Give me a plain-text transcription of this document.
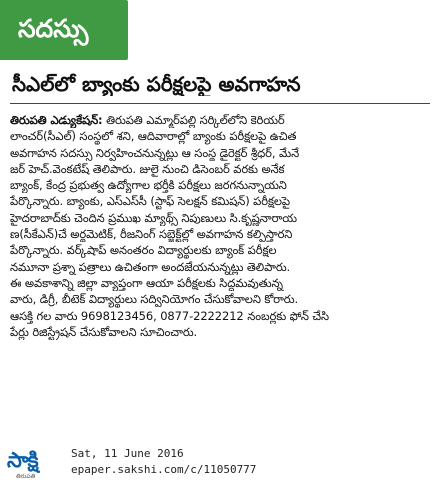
సదస్సు
సీఎల్‌లో బ్యాంకు పరీక్షలపై అవగాహన
తిరుపతి ఎడ్యుకేషన్: తిరుపతి ఎమ్మార్‌పల్లి సర్కిల్‌లోని కెరియర్
లాంచర్(సీఎల్) సంస్థలో శని, ఆదివారాల్లో బ్యాంకు పరీక్షలపై ఉచిత
అవగాహన సదస్సు నిర్వహించనున్నట్లు ఆ సంస్థ డైరెక్టర్ శ్రీధర్, మేనే
జర్ హెచ్.వెంకటేష్ తెలిపారు. జులై నుంచి డిసెంబర్ వరకు అనేక
బ్యాంక్, కేంద్ర ప్రభుత్వ ఉద్యోగాల భర్తీకి పరీక్షలు జరగనున్నాయని
పేర్కొన్నారు. బ్యాంకు, ఎస్‌ఎస్‌సీ (స్టాఫ్ సెలక్షన్ కమిషన్) పరీక్షలపై
హైదరాబాద్‌కు చెందిన ప్రముఖ మ్యాథ్స్ నిపుణులు సి.కృష్ణనారాయ
ణ(సీకేఎన్)చే అర్థమెటిక్, రీజనింగ్ సబ్జెక్ట్‌ల్లో అవగాహన కల్పిస్తారని
పేర్కొన్నారు. వర్క్‌షాప్ అనంతరం విద్యార్థులకు బ్యాంక్ పరీక్షల
నమూనా ప్రశ్నా పత్రాలు ఉచితంగా అందజేయనున్నట్లు తెలిపారు.
ఈ అవకాశాన్ని జిల్లా వ్యాప్తంగా ఆయా పరీక్షలకు సిద్ధమవుతున్న
వారు, డిగ్రీ, బీటెక్ విద్యార్థులు సద్వినియోగం చేసుకోవాలని కోరారు.
ఆసక్తి గల వారు 9698123456, 0877-2222212 నంబర్లకు ఫోన్ చేసి
పేర్లు రిజిస్ట్రేషన్ చేసుకోవాలని సూచించారు.
సాక్షి
తిరుపతి
Sat, 11 June 2016
epaper.sakshi.com/c/11050777
